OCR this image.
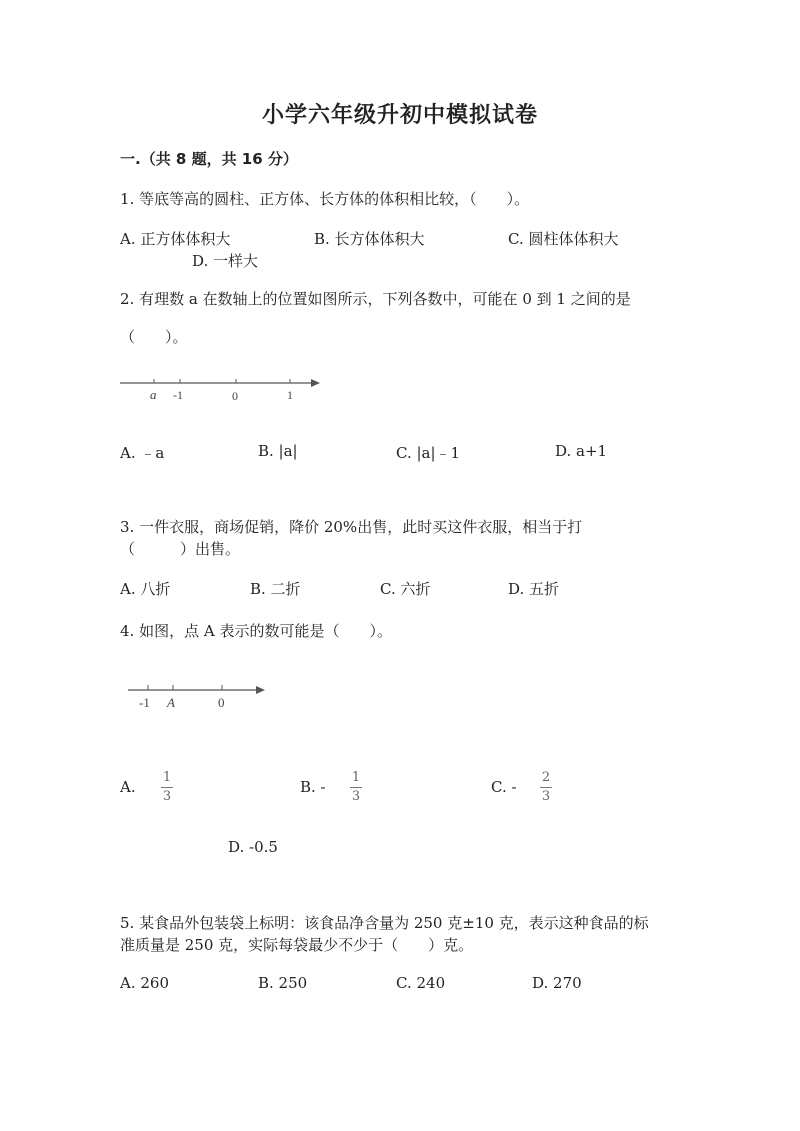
小学六年级升初中模拟试卷
一.（共 8 题，共 16 分）
1. 等底等高的圆柱、正方体、长方体的体积相比较，（　　）。
A. 正方体体积大	B. 长方体体积大	C. 圆柱体体积大
D. 一样大
2. 有理数 a 在数轴上的位置如图所示，下列各数中，可能在 0 到 1 之间的是
（　　）。
a -1	0	1
A. ﹣a	B. |a|	C. |a|﹣1	D. a+1
3. 一件衣服，商场促销，降价 20%出售，此时买这件衣服，相当于打
（　　　）出售。
A. 八折	B. 二折	C. 六折	D. 五折
4. 如图，点 A 表示的数可能是（　　）。
-1 A	0
A.
1
3
B. -
1
3
C. -
2
3
D. -0.5
5. 某食品外包装袋上标明：该食品净含量为 250 克±10 克，表示这种食品的标
准质量是 250 克，实际每袋最少不少于（　　）克。
A. 260	B. 250	C. 240	D. 270
